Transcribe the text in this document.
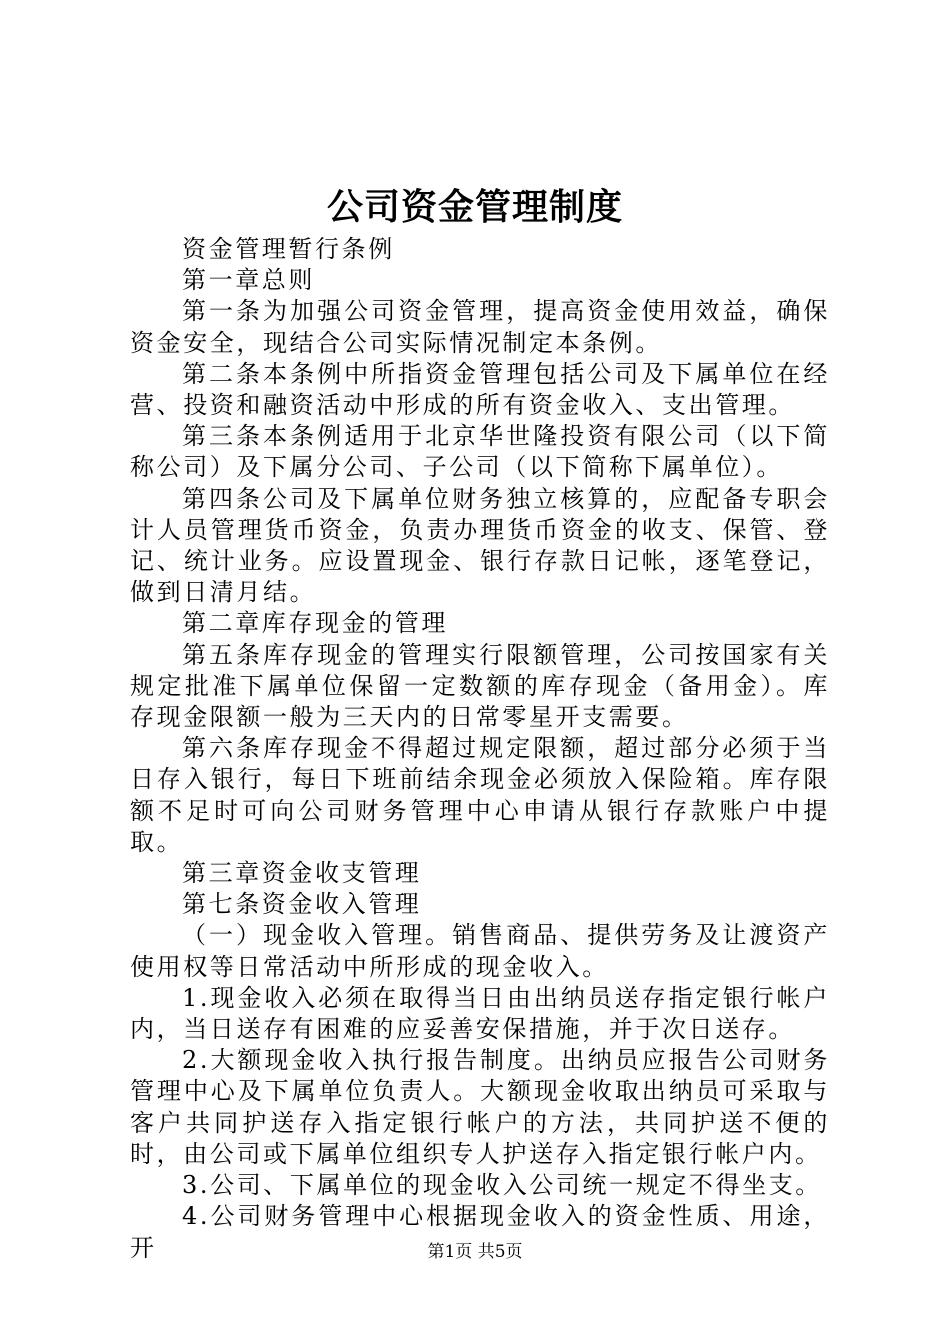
公司资金管理制度

资金管理暂行条例

第一章总则

第一条为加强公司资金管理，提高资金使用效益，确保资金安全，现结合公司实际情况制定本条例。

第二条本条例中所指资金管理包括公司及下属单位在经营、投资和融资活动中形成的所有资金收入、支出管理。

第三条本条例适用于北京华世隆投资有限公司（以下简称公司）及下属分公司、子公司（以下简称下属单位）。

第四条公司及下属单位财务独立核算的，应配备专职会计人员管理货币资金，负责办理货币资金的收支、保管、登记、统计业务。应设置现金、银行存款日记帐，逐笔登记，做到日清月结。

第二章库存现金的管理

第五条库存现金的管理实行限额管理，公司按国家有关规定批准下属单位保留一定数额的库存现金（备用金）。库存现金限额一般为三天内的日常零星开支需要。

第六条库存现金不得超过规定限额，超过部分必须于当日存入银行，每日下班前结余现金必须放入保险箱。库存限额不足时可向公司财务管理中心申请从银行存款账户中提取。

第三章资金收支管理

第七条资金收入管理

（一）现金收入管理。销售商品、提供劳务及让渡资产使用权等日常活动中所形成的现金收入。

1.现金收入必须在取得当日由出纳员送存指定银行帐户内，当日送存有困难的应妥善安保措施，并于次日送存。

2.大额现金收入执行报告制度。出纳员应报告公司财务管理中心及下属单位负责人。大额现金收取出纳员可采取与客户共同护送存入指定银行帐户的方法，共同护送不便的时，由公司或下属单位组织专人护送存入指定银行帐户内。

3.公司、下属单位的现金收入公司统一规定不得坐支。

4.公司财务管理中心根据现金收入的资金性质、用途，开	第1页 共5页
